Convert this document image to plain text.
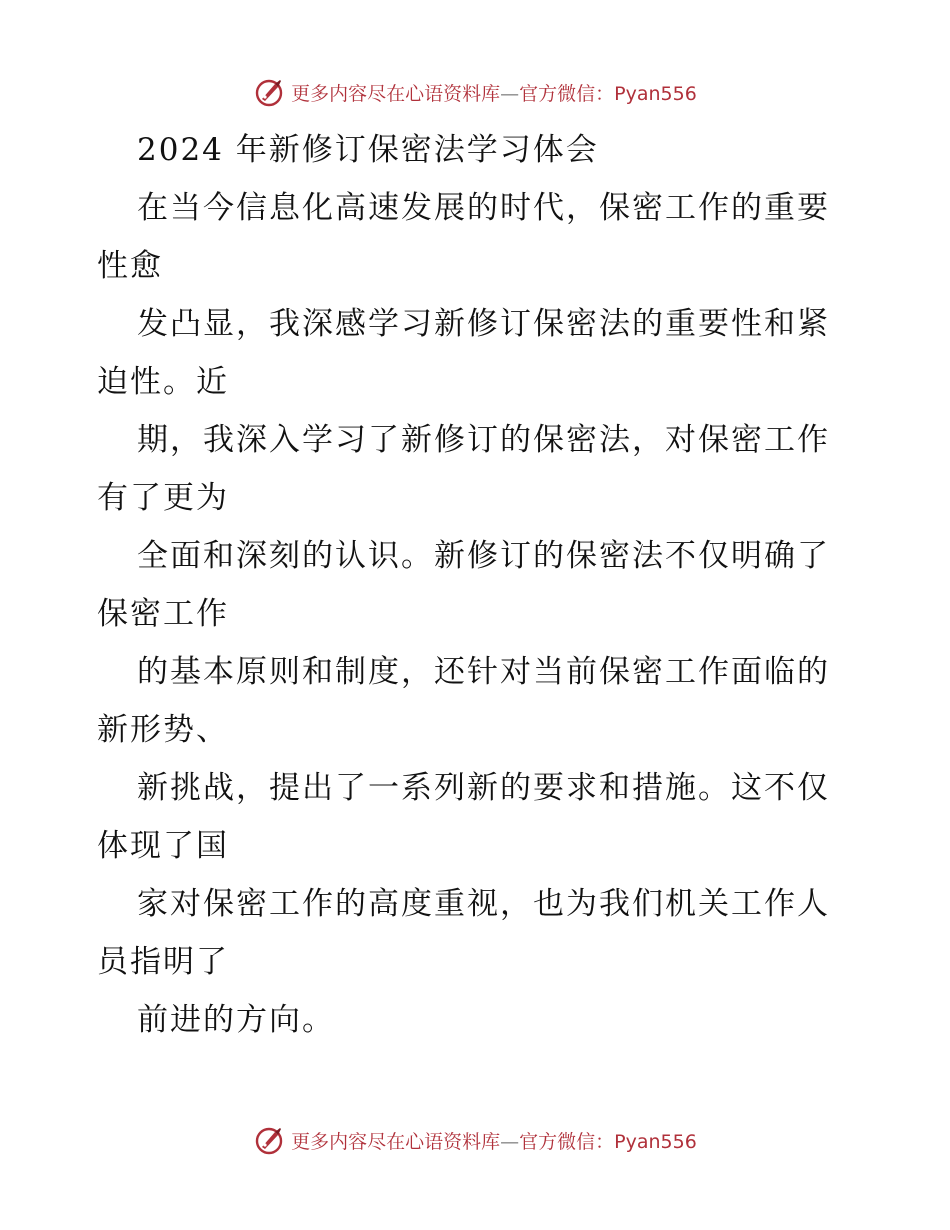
更多内容尽在心语资料库—官方微信：Pyan556
2024 年新修订保密法学习体会
在当今信息化高速发展的时代，保密工作的重要
性愈
发凸显，我深感学习新修订保密法的重要性和紧
迫性。近
期，我深入学习了新修订的保密法，对保密工作
有了更为
全面和深刻的认识。新修订的保密法不仅明确了
保密工作
的基本原则和制度，还针对当前保密工作面临的
新形势、
新挑战，提出了一系列新的要求和措施。这不仅
体现了国
家对保密工作的高度重视，也为我们机关工作人
员指明了
前进的方向。
更多内容尽在心语资料库—官方微信：Pyan556
